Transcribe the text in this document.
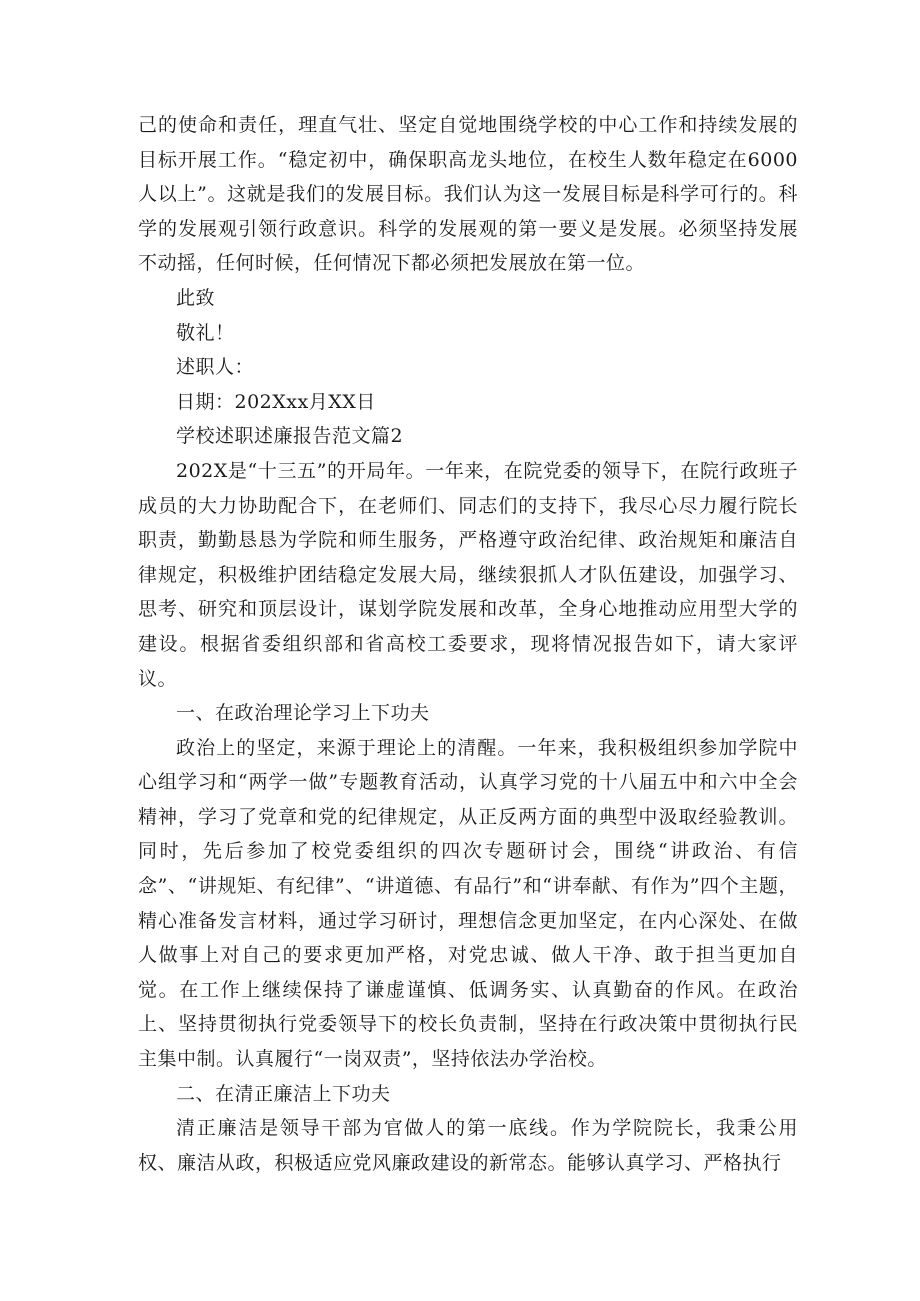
己的使命和责任，理直气壮、坚定自觉地围绕学校的中心工作和持续发展的目标开展工作。“稳定初中，确保职高龙头地位，在校生人数年稳定在6000人以上”。这就是我们的发展目标。我们认为这一发展目标是科学可行的。科学的发展观引领行政意识。科学的发展观的第一要义是发展。必须坚持发展不动摇，任何时候，任何情况下都必须把发展放在第一位。

此致

敬礼！

述职人：

日期：202Xxx月XX日

学校述职述廉报告范文篇2

202X是“十三五”的开局年。一年来，在院党委的领导下，在院行政班子成员的大力协助配合下，在老师们、同志们的支持下，我尽心尽力履行院长职责，勤勤恳恳为学院和师生服务，严格遵守政治纪律、政治规矩和廉洁自律规定，积极维护团结稳定发展大局，继续狠抓人才队伍建设，加强学习、思考、研究和顶层设计，谋划学院发展和改革，全身心地推动应用型大学的建设。根据省委组织部和省高校工委要求，现将情况报告如下，请大家评议。

一、在政治理论学习上下功夫

政治上的坚定，来源于理论上的清醒。一年来，我积极组织参加学院中心组学习和“两学一做”专题教育活动，认真学习党的十八届五中和六中全会精神，学习了党章和党的纪律规定，从正反两方面的典型中汲取经验教训。同时，先后参加了校党委组织的四次专题研讨会，围绕“讲政治、有信念”、“讲规矩、有纪律”、“讲道德、有品行”和“讲奉献、有作为”四个主题，精心准备发言材料，通过学习研讨，理想信念更加坚定，在内心深处、在做人做事上对自己的要求更加严格，对党忠诚、做人干净、敢于担当更加自觉。在工作上继续保持了谦虚谨慎、低调务实、认真勤奋的作风。在政治上、坚持贯彻执行党委领导下的校长负责制，坚持在行政决策中贯彻执行民主集中制。认真履行“一岗双责”，坚持依法办学治校。

二、在清正廉洁上下功夫

清正廉洁是领导干部为官做人的第一底线。作为学院院长，我秉公用权、廉洁从政，积极适应党风廉政建设的新常态。能够认真学习、严格执行
